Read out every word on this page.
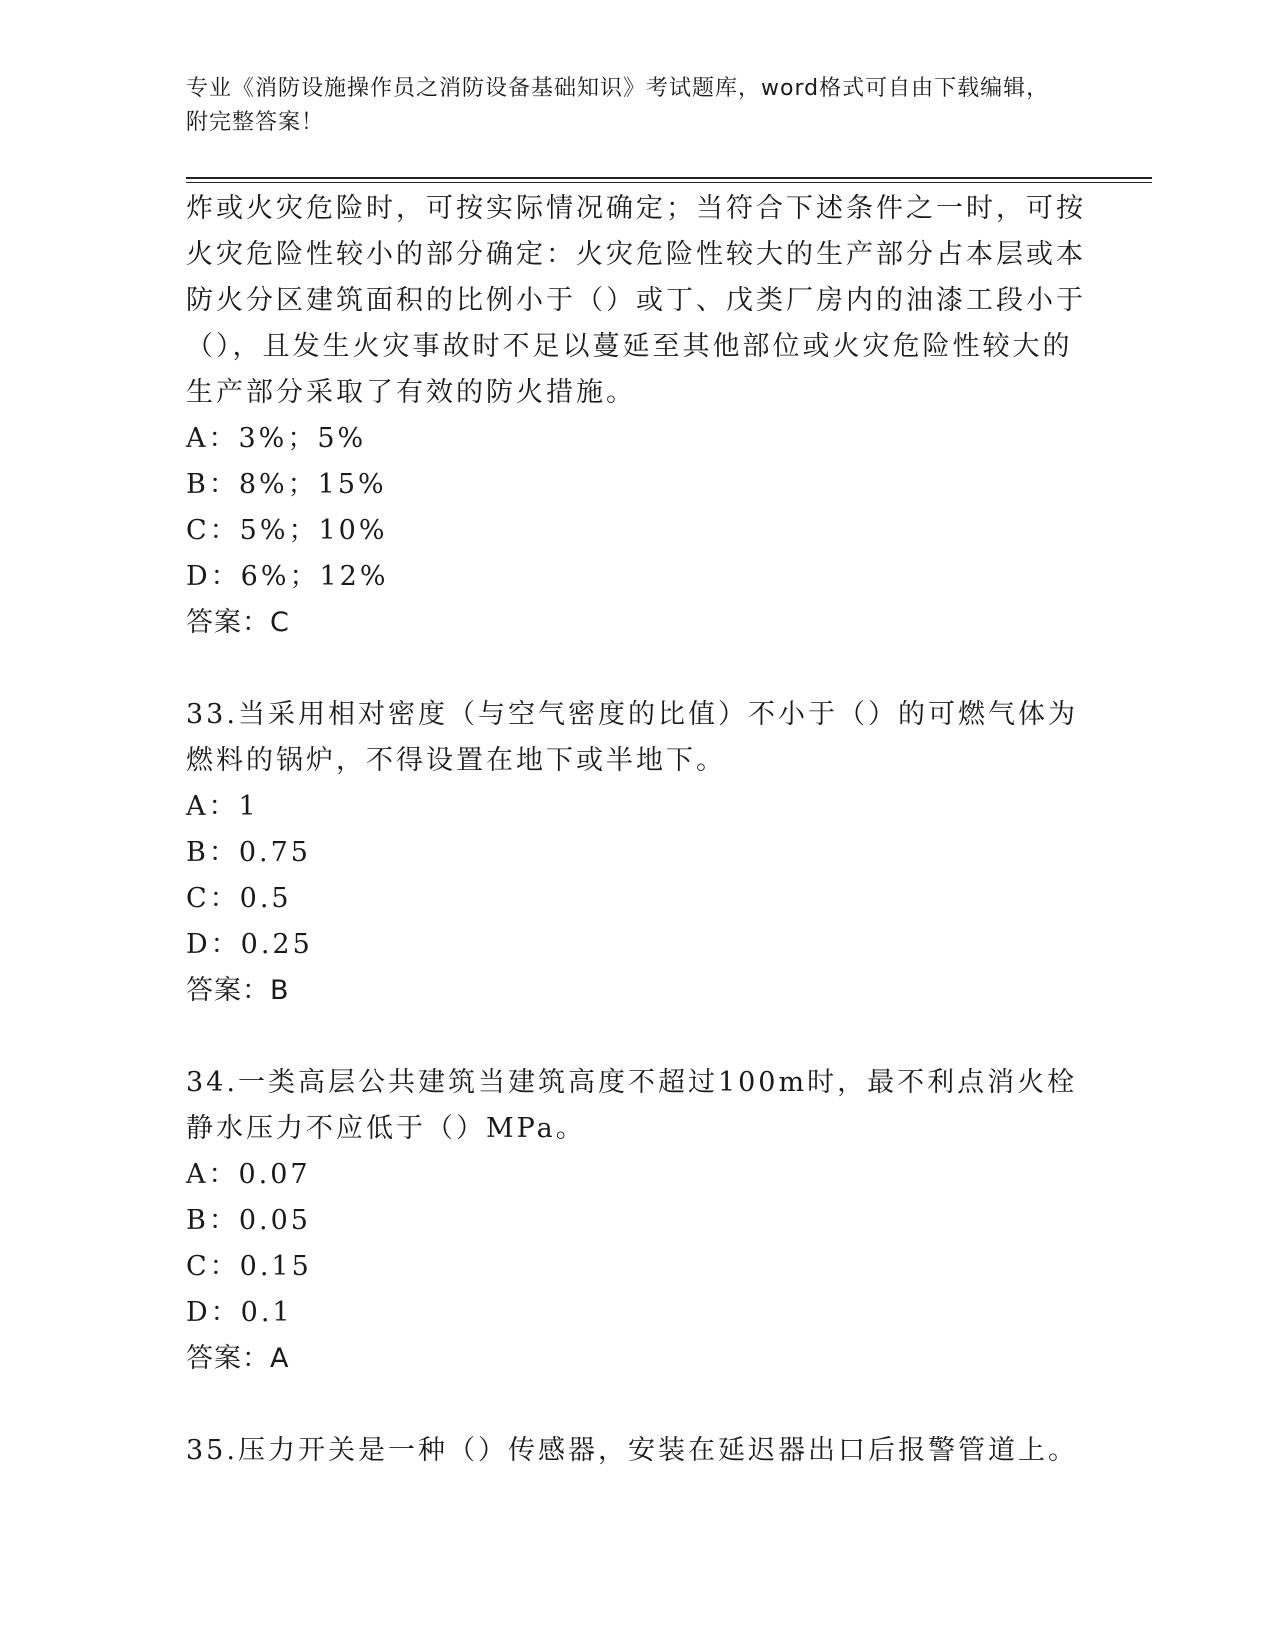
专业《消防设施操作员之消防设备基础知识》考试题库，word格式可自由下载编辑，附完整答案！

炸或火灾危险时，可按实际情况确定；当符合下述条件之一时，可按火灾危险性较小的部分确定：火灾危险性较大的生产部分占本层或本防火分区建筑面积的比例小于（）或丁、戊类厂房内的油漆工段小于（），且发生火灾事故时不足以蔓延至其他部位或火灾危险性较大的生产部分采取了有效的防火措施。

A：3%；5%

B：8%；15%

C：5%；10%

D：6%；12%

答案：C

33.当采用相对密度（与空气密度的比值）不小于（）的可燃气体为燃料的锅炉，不得设置在地下或半地下。

A：1

B：0.75

C：0.5

D：0.25

答案：B

34.一类高层公共建筑当建筑高度不超过100m时，最不利点消火栓静水压力不应低于（）MPa。

A：0.07

B：0.05

C：0.15

D：0.1

答案：A

35.压力开关是一种（）传感器，安装在延迟器出口后报警管道上。
